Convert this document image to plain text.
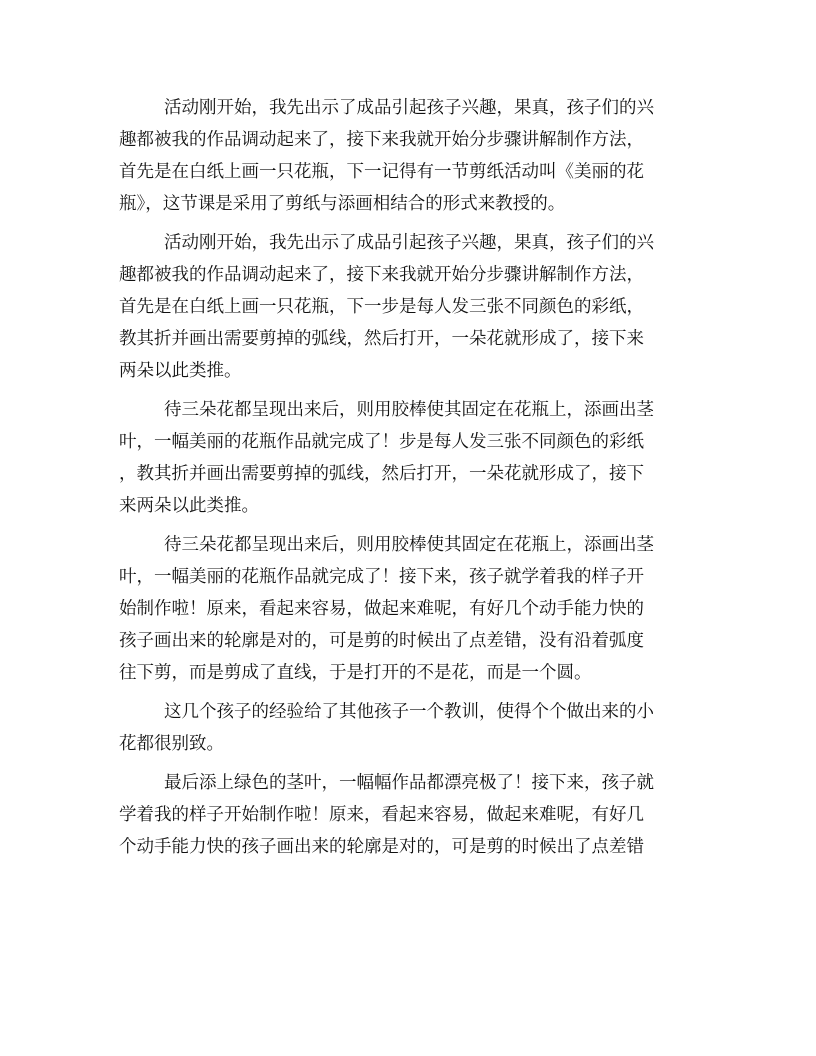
活动刚开始，我先出示了成品引起孩子兴趣，果真，孩子们的兴
趣都被我的作品调动起来了，接下来我就开始分步骤讲解制作方法，
首先是在白纸上画一只花瓶，下一记得有一节剪纸活动叫《美丽的花
瓶》，这节课是采用了剪纸与添画相结合的形式来教授的。
活动刚开始，我先出示了成品引起孩子兴趣，果真，孩子们的兴
趣都被我的作品调动起来了，接下来我就开始分步骤讲解制作方法，
首先是在白纸上画一只花瓶，下一步是每人发三张不同颜色的彩纸，
教其折并画出需要剪掉的弧线，然后打开，一朵花就形成了，接下来
两朵以此类推。
待三朵花都呈现出来后，则用胶棒使其固定在花瓶上，添画出茎
叶，一幅美丽的花瓶作品就完成了！步是每人发三张不同颜色的彩纸
，教其折并画出需要剪掉的弧线，然后打开，一朵花就形成了，接下
来两朵以此类推。
待三朵花都呈现出来后，则用胶棒使其固定在花瓶上，添画出茎
叶，一幅美丽的花瓶作品就完成了！接下来，孩子就学着我的样子开
始制作啦！原来，看起来容易，做起来难呢，有好几个动手能力快的
孩子画出来的轮廓是对的，可是剪的时候出了点差错，没有沿着弧度
往下剪，而是剪成了直线，于是打开的不是花，而是一个圆。
这几个孩子的经验给了其他孩子一个教训，使得个个做出来的小
花都很别致。
最后添上绿色的茎叶，一幅幅作品都漂亮极了！接下来，孩子就
学着我的样子开始制作啦！原来，看起来容易，做起来难呢，有好几
个动手能力快的孩子画出来的轮廓是对的，可是剪的时候出了点差错
